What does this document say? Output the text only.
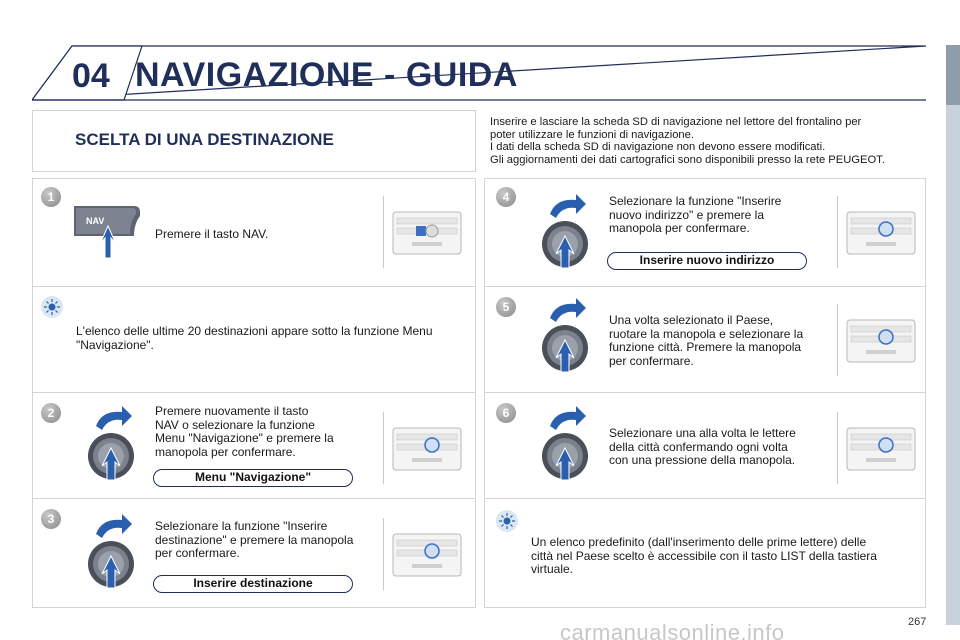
04 NAVIGAZIONE - GUIDA
SCELTA DI UNA DESTINAZIONE
Inserire e lasciare la scheda SD di navigazione nel lettore del frontalino per
poter utilizzare le funzioni di navigazione.
I dati della scheda SD di navigazione non devono essere modificati.
Gli aggiornamenti dei dati cartografici sono disponibili presso la rete PEUGEOT.
1
NAV
Premere il tasto NAV.
L'elenco delle ultime 20 destinazioni appare sotto la funzione Menu
"Navigazione".
2	Premere nuovamente il tasto
NAV o selezionare la funzione
Menu "Navigazione" e premere la
manopola per confermare.
Menu "Navigazione"
3	Selezionare la funzione "Inserire
destinazione" e premere la manopola
per confermare.
Inserire destinazione
4	Selezionare la funzione "Inserire
nuovo indirizzo" e premere la
manopola per confermare.
Inserire nuovo indirizzo
5
Una volta selezionato il Paese,
ruotare la manopola e selezionare la
funzione città. Premere la manopola
per confermare.
6
Selezionare una alla volta le lettere
della città confermando ogni volta
con una pressione della manopola.
Un elenco predefinito (dall'inserimento delle prime lettere) delle
città nel Paese scelto è accessibile con il tasto LIST della tastiera
virtuale.
267
carmanualsonline.info
